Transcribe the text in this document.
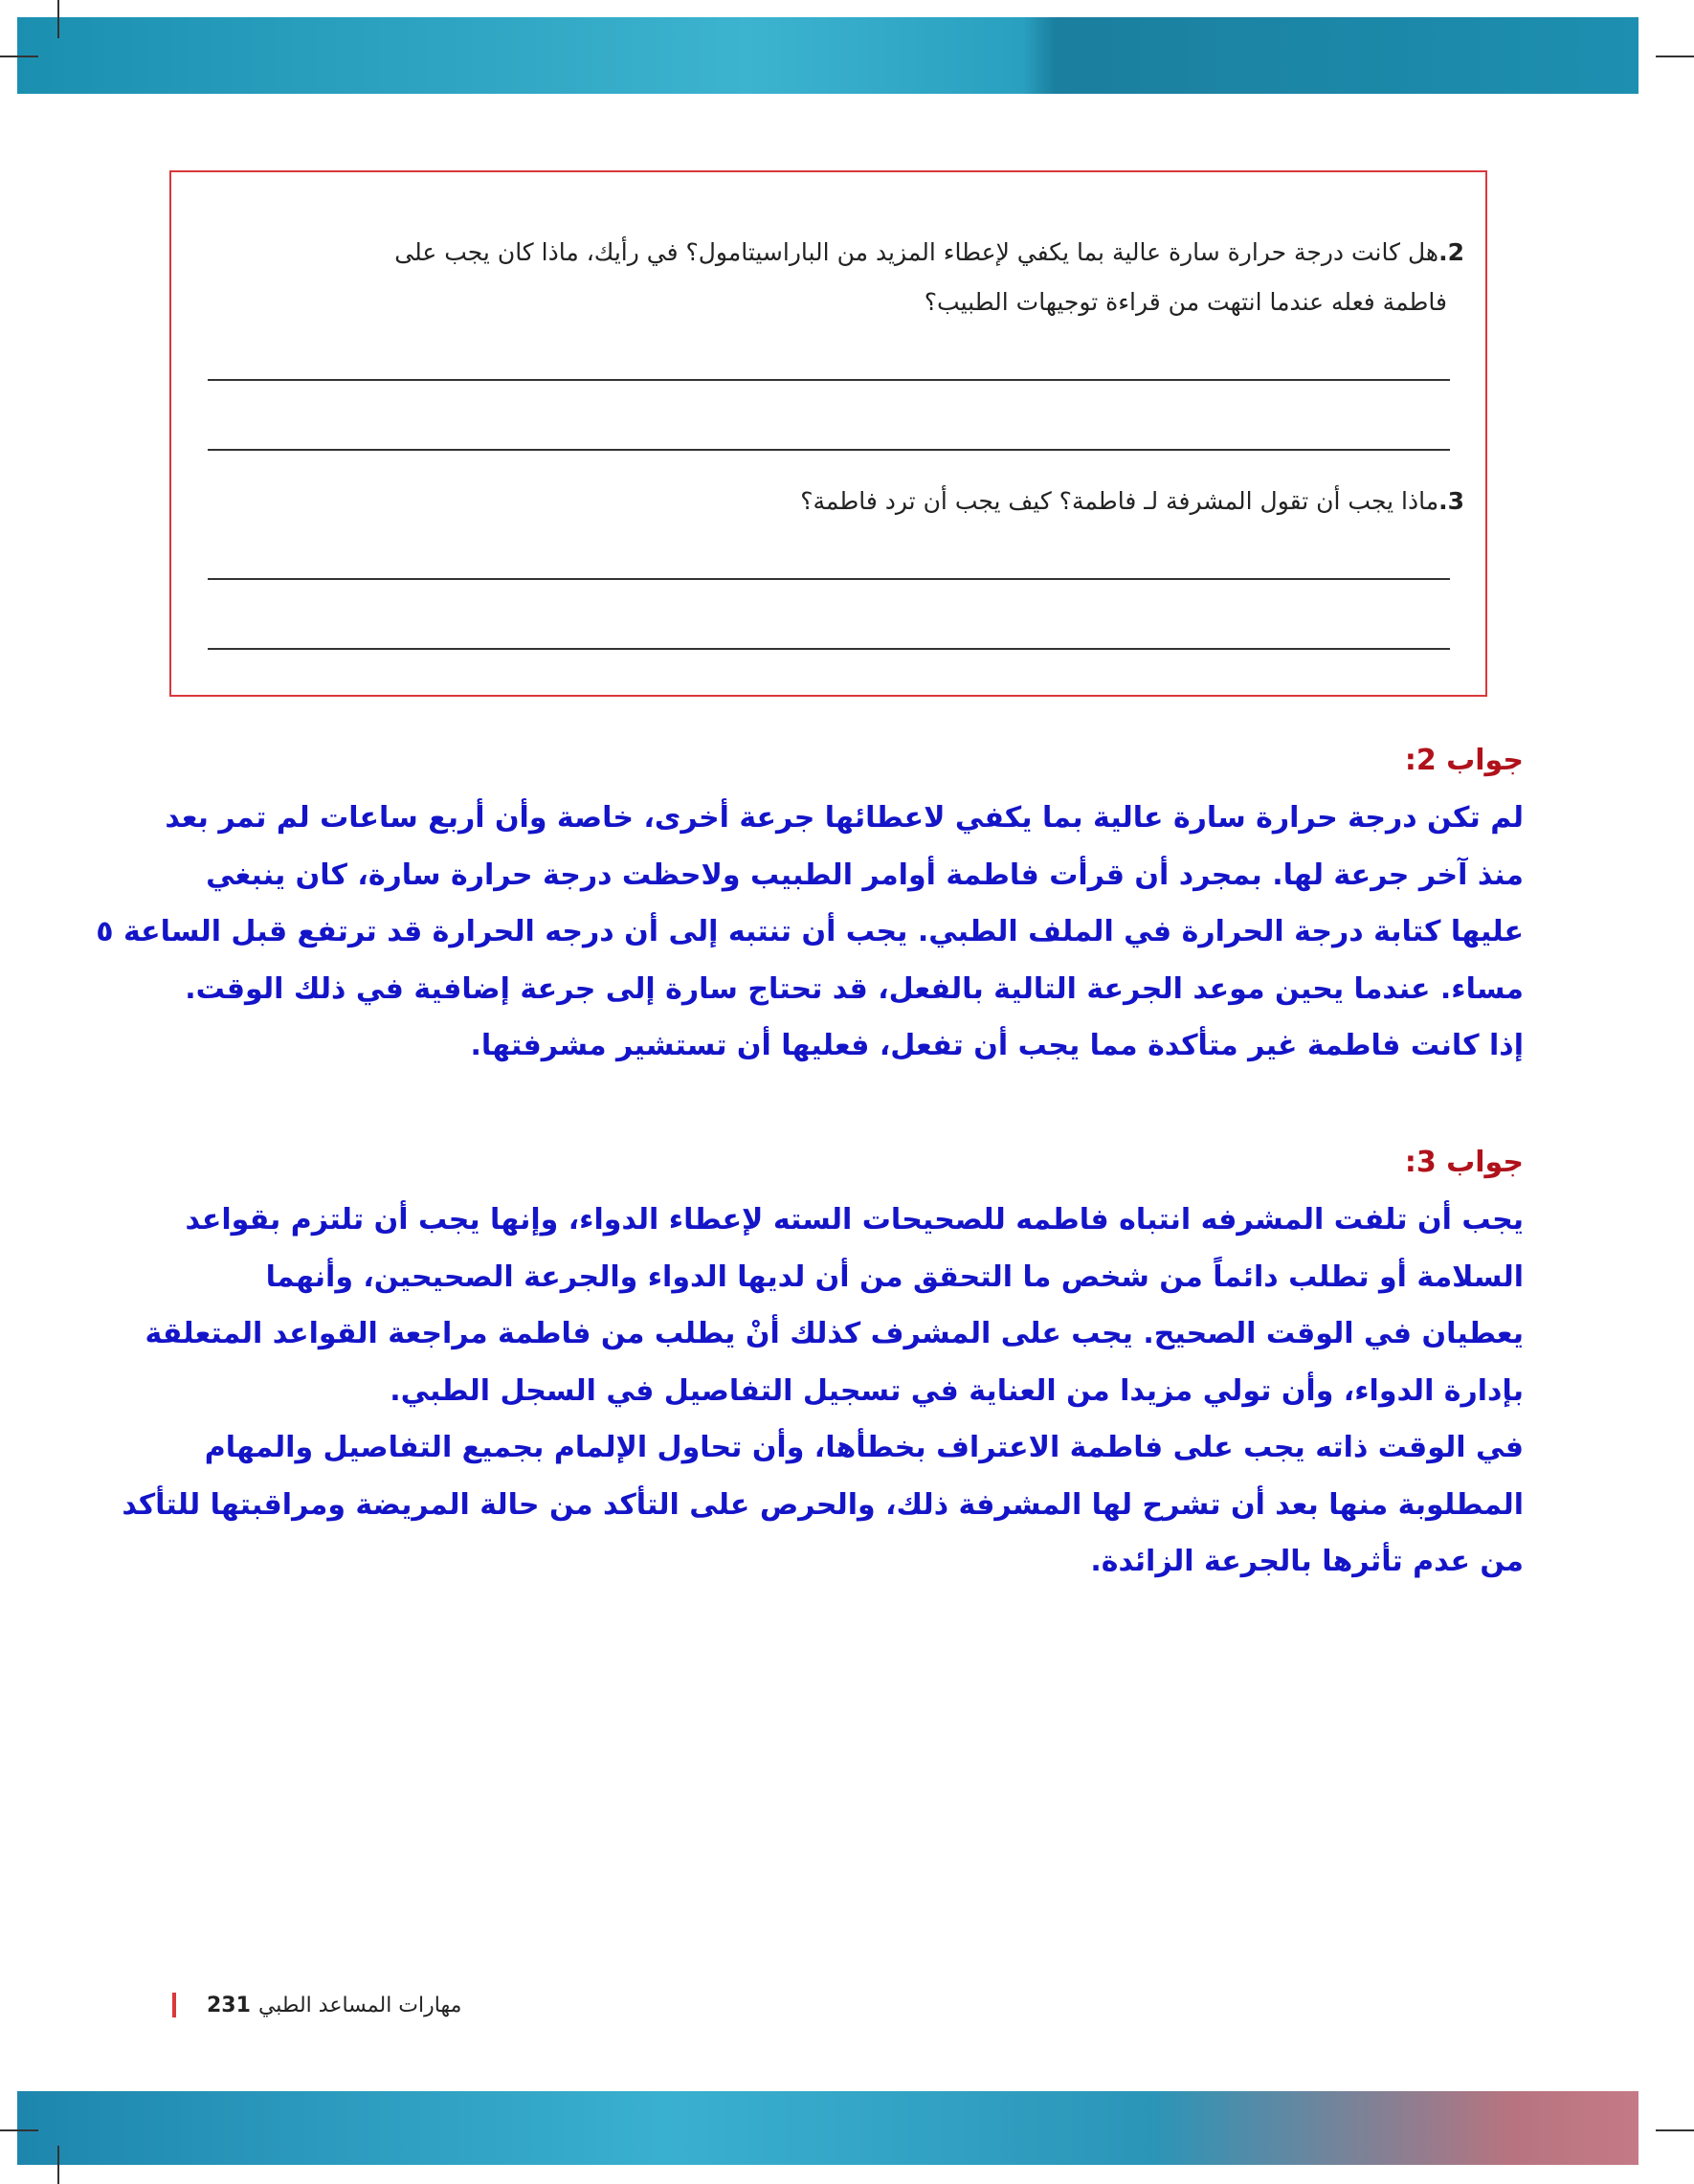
2.هل كانت درجة حرارة سارة عالية بما يكفي لإعطاء المزيد من الباراسيتامول؟ في رأيك، ماذا كان يجب على
فاطمة فعله عندما انتهت من قراءة توجيهات الطبيب؟
3.ماذا يجب أن تقول المشرفة لـ فاطمة؟ كيف يجب أن ترد فاطمة؟
جواب 2:
لم تكن درجة حرارة سارة عالية بما يكفي لاعطائها جرعة أخرى، خاصة وأن أربع ساعات لم تمر بعد
منذ آخر جرعة لها. بمجرد أن قرأت فاطمة أوامر الطبيب ولاحظت درجة حرارة سارة، كان ينبغي
عليها كتابة درجة الحرارة في الملف الطبي. يجب أن تنتبه إلى أن درجه الحرارة قد ترتفع قبل الساعة ٥
مساء. عندما يحين موعد الجرعة التالية بالفعل، قد تحتاج سارة إلى جرعة إضافية في ذلك الوقت.
إذا كانت فاطمة غير متأكدة مما يجب أن تفعل، فعليها أن تستشير مشرفتها.
جواب 3:
يجب أن تلفت المشرفه انتباه فاطمه للصحيحات السته لإعطاء الدواء، وإنها يجب أن تلتزم بقواعد
السلامة أو تطلب دائماً من شخص ما التحقق من أن لديها الدواء والجرعة الصحيحين، وأنهما
يعطيان في الوقت الصحيح. يجب على المشرف كذلك أنْ يطلب من فاطمة مراجعة القواعد المتعلقة
بإدارة الدواء، وأن تولي مزيدا من العناية في تسجيل التفاصيل في السجل الطبي.
في الوقت ذاته يجب على فاطمة الاعتراف بخطأها، وأن تحاول الإلمام بجميع التفاصيل والمهام
المطلوبة منها بعد أن تشرح لها المشرفة ذلك، والحرص على التأكد من حالة المريضة ومراقبتها للتأكد
من عدم تأثرها بالجرعة الزائدة.
231 مهارات المساعد الطبي
